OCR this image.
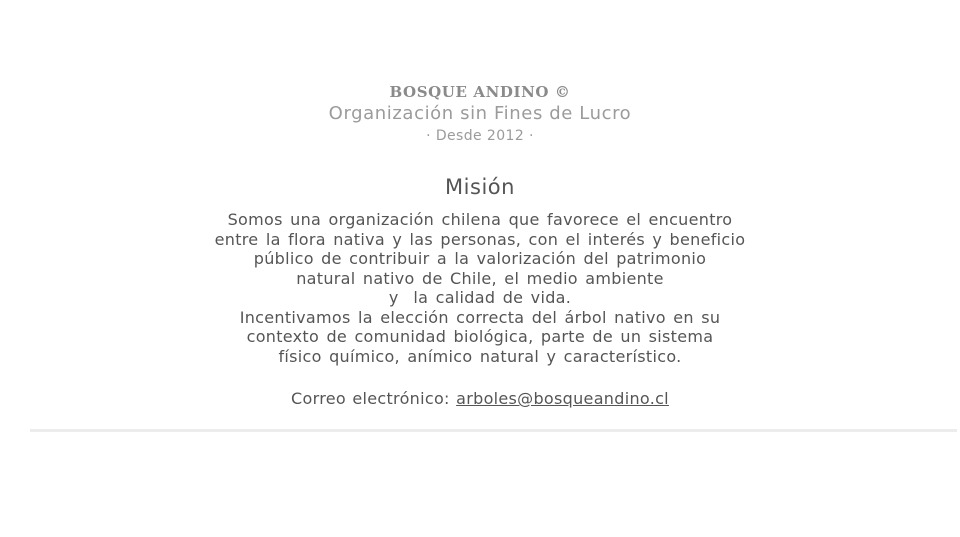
BOSQUE ANDINO ©
Organización sin Fines de Lucro
· Desde 2012 ·
Misión

Somos una organización chilena que favorece el encuentro
entre la flora nativa y las personas, con el interés y beneficio
público de contribuir a la valorización del patrimonio
natural nativo de Chile, el medio ambiente
y  la calidad de vida.
Incentivamos la elección correcta del árbol nativo en su
contexto de comunidad biológica, parte de un sistema
físico químico, anímico natural y característico.

Correo electrónico: arboles@bosqueandino.cl
